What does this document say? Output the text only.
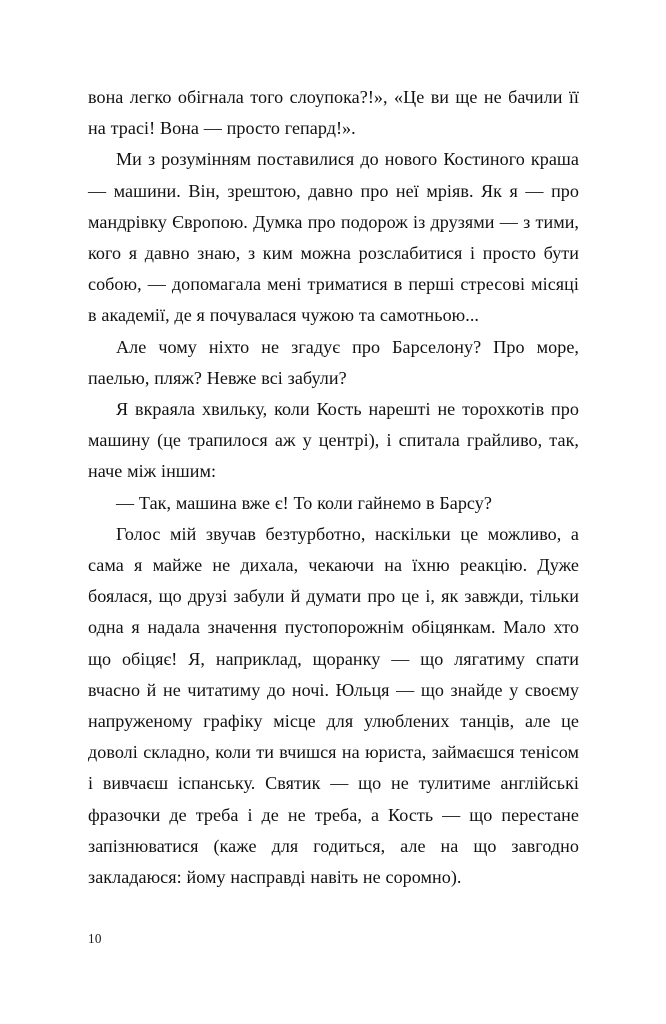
вона легко обігнала того слоупока?!», «Це ви ще не бачили її на трасі! Вона — просто гепард!».

Ми з розумінням поставилися до нового Костиного краша — машини. Він, зрештою, давно про неї мріяв. Як я — про мандрівку Європою. Думка про подорож із друзями — з тими, кого я давно знаю, з ким можна розслабитися і просто бути собою, — допомагала мені триматися в перші стресові місяці в академії, де я почувалася чужою та самотньою...

Але чому ніхто не згадує про Барселону? Про море, паелью, пляж? Невже всі забули?

Я вкраяла хвильку, коли Кость нарешті не торохкотів про машину (це трапилося аж у центрі), і спитала грайливо, так, наче між іншим:

— Так, машина вже є! То коли гайнемо в Барсу?

Голос мій звучав безтурботно, наскільки це можливо, а сама я майже не дихала, чекаючи на їхню реакцію. Дуже боялася, що друзі забули й думати про це і, як завжди, тільки одна я надала значення пустопорожнім обіцянкам. Мало хто що обіцяє! Я, наприклад, щоранку — що лягатиму спати вчасно й не читатиму до ночі. Юльця — що знайде у своєму напруженому графіку місце для улюблених танців, але це доволі складно, коли ти вчишся на юриста, займаєшся тенісом і вивчаєш іспанську. Святик — що не тулитиме англійські фразочки де треба і де не треба, а Кость — що перестане запізнюватися (каже для годиться, але на що завгодно закладаюся: йому насправді навіть не соромно).

10
